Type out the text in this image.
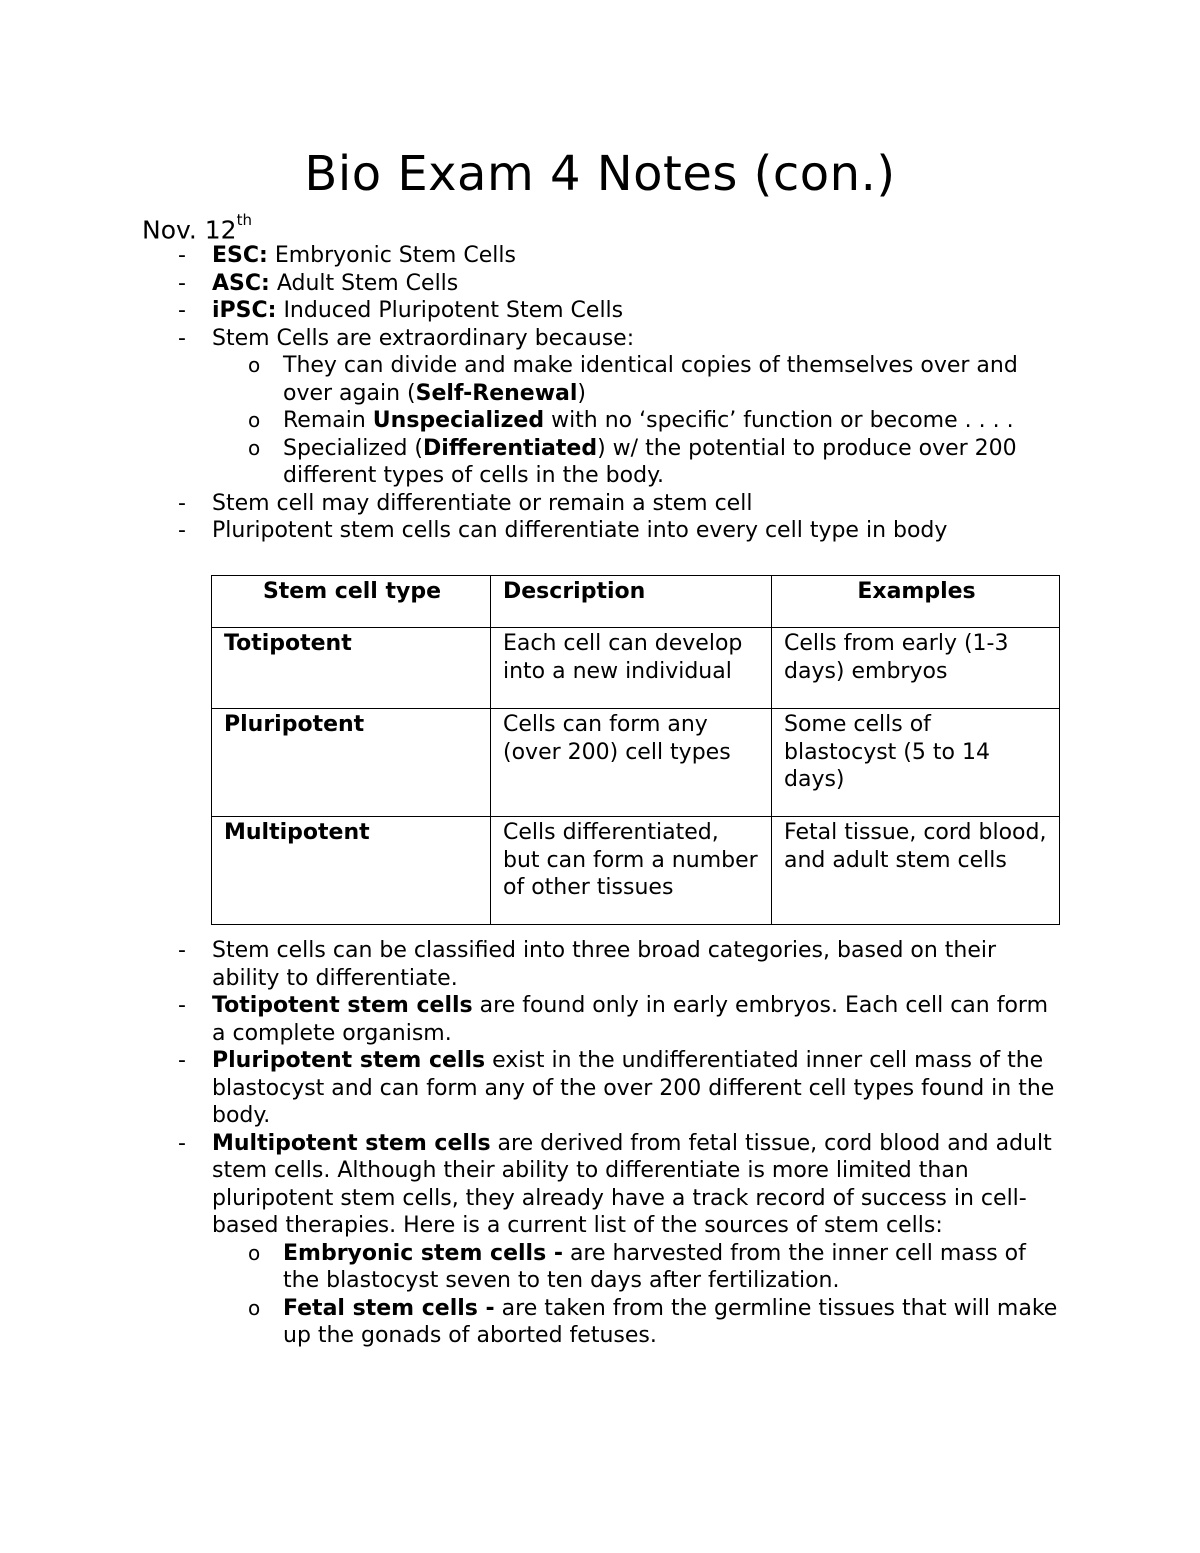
Bio Exam 4 Notes (con.)
Nov. 12th
- ESC: Embryonic Stem Cells
- ASC: Adult Stem Cells
- iPSC: Induced Pluripotent Stem Cells
- Stem Cells are extraordinary because:
o They can divide and make identical copies of themselves over and over again (Self-Renewal)
o Remain Unspecialized with no ‘specific’ function or become . . . .
o Specialized (Differentiated) w/ the potential to produce over 200 different types of cells in the body.
- Stem cell may differentiate or remain a stem cell
- Pluripotent stem cells can differentiate into every cell type in body
Stem cell type	Description	Examples
Totipotent	Each cell can develop into a new individual	Cells from early (1-3 days) embryos
Pluripotent	Cells can form any (over 200) cell types	Some cells of blastocyst (5 to 14 days)
Multipotent	Cells differentiated, but can form a number of other tissues	Fetal tissue, cord blood, and adult stem cells
- Stem cells can be classified into three broad categories, based on their ability to differentiate.
- Totipotent stem cells are found only in early embryos. Each cell can form a complete organism.
- Pluripotent stem cells exist in the undifferentiated inner cell mass of the blastocyst and can form any of the over 200 different cell types found in the body.
- Multipotent stem cells are derived from fetal tissue, cord blood and adult stem cells. Although their ability to differentiate is more limited than pluripotent stem cells, they already have a track record of success in cell-based therapies. Here is a current list of the sources of stem cells:
o Embryonic stem cells - are harvested from the inner cell mass of the blastocyst seven to ten days after fertilization.
o Fetal stem cells - are taken from the germline tissues that will make up the gonads of aborted fetuses.
